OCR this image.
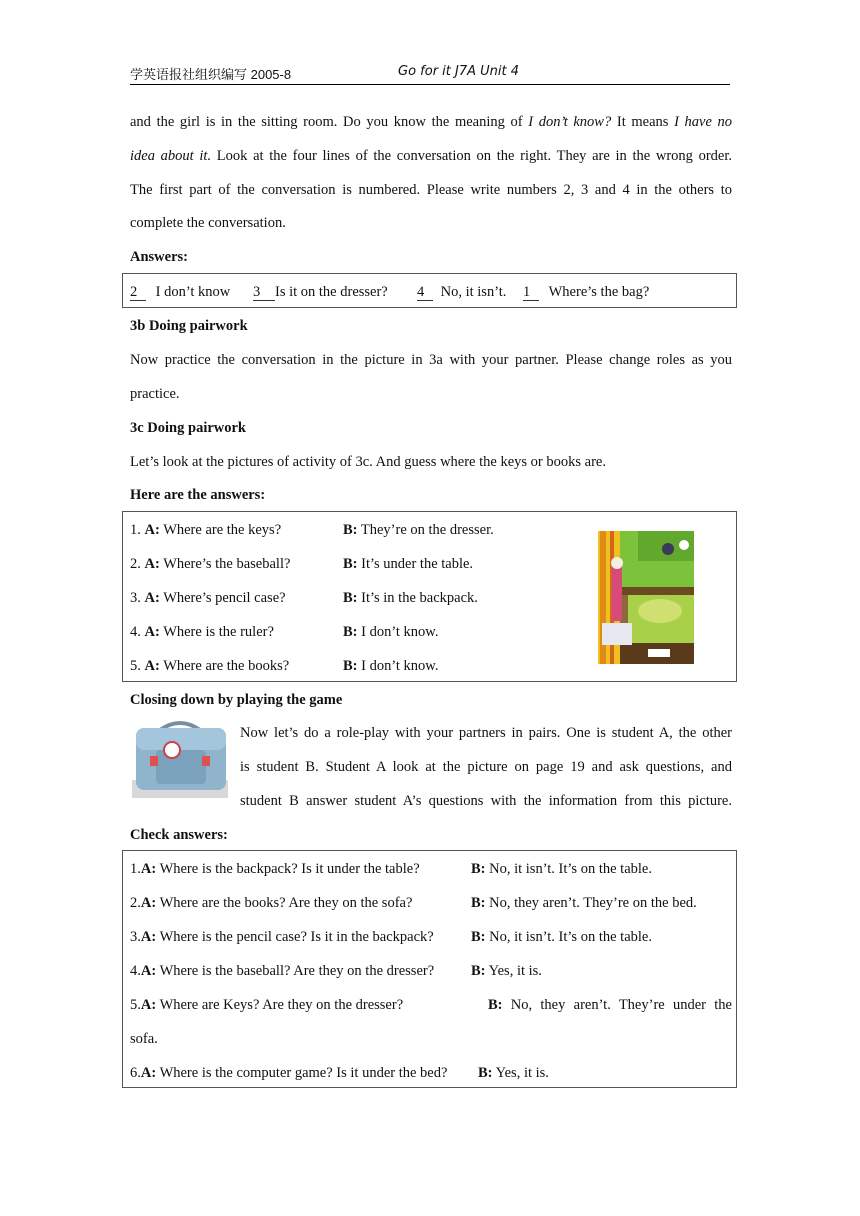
学英语报社组织编写 2005-8	Go for it J7A Unit 4
and the girl is in the sitting room. Do you know the meaning of I don’t know? It means I have no
idea about it. Look at the four lines of the conversation on the right. They are in the wrong order.
The first part of the conversation is numbered. Please write numbers 2, 3 and 4 in the others to
complete the conversation.
Answers:
2 I don’t know 3 Is it on the dresser? 4 No, it isn’t. 1 Where’s the bag?
3b Doing pairwork
Now practice the conversation in the picture in 3a with your partner. Please change roles as you
practice.
3c Doing pairwork
Let’s look at the pictures of activity of 3c. And guess where the keys or books are.
Here are the answers:
1. A: Where are the keys?	B: They’re on the dresser.
2. A: Where’s the baseball?	B: It’s under the table.
3. A: Where’s pencil case?	B: It’s in the backpack.
4. A: Where is the ruler?	B: I don’t know.
5. A: Where are the books?	B: I don’t know.
Closing down by playing the game
Now let’s do a role-play with your partners in pairs. One is student A, the other
is student B. Student A look at the picture on page 19 and ask questions, and
student B answer student A’s questions with the information from this picture.
Check answers:
1.A: Where is the backpack? Is it under the table?	B: No, it isn’t. It’s on the table.
2.A: Where are the books? Are they on the sofa?	B: No, they aren’t. They’re on the bed.
3.A: Where is the pencil case? Is it in the backpack?	B: No, it isn’t. It’s on the table.
4.A: Where is the baseball? Are they on the dresser?	B: Yes, it is.
5.A: Where are Keys? Are they on the dresser?	B: No, they aren’t. They’re under the
sofa.
6.A: Where is the computer game? Is it under the bed? B: Yes, it is.
